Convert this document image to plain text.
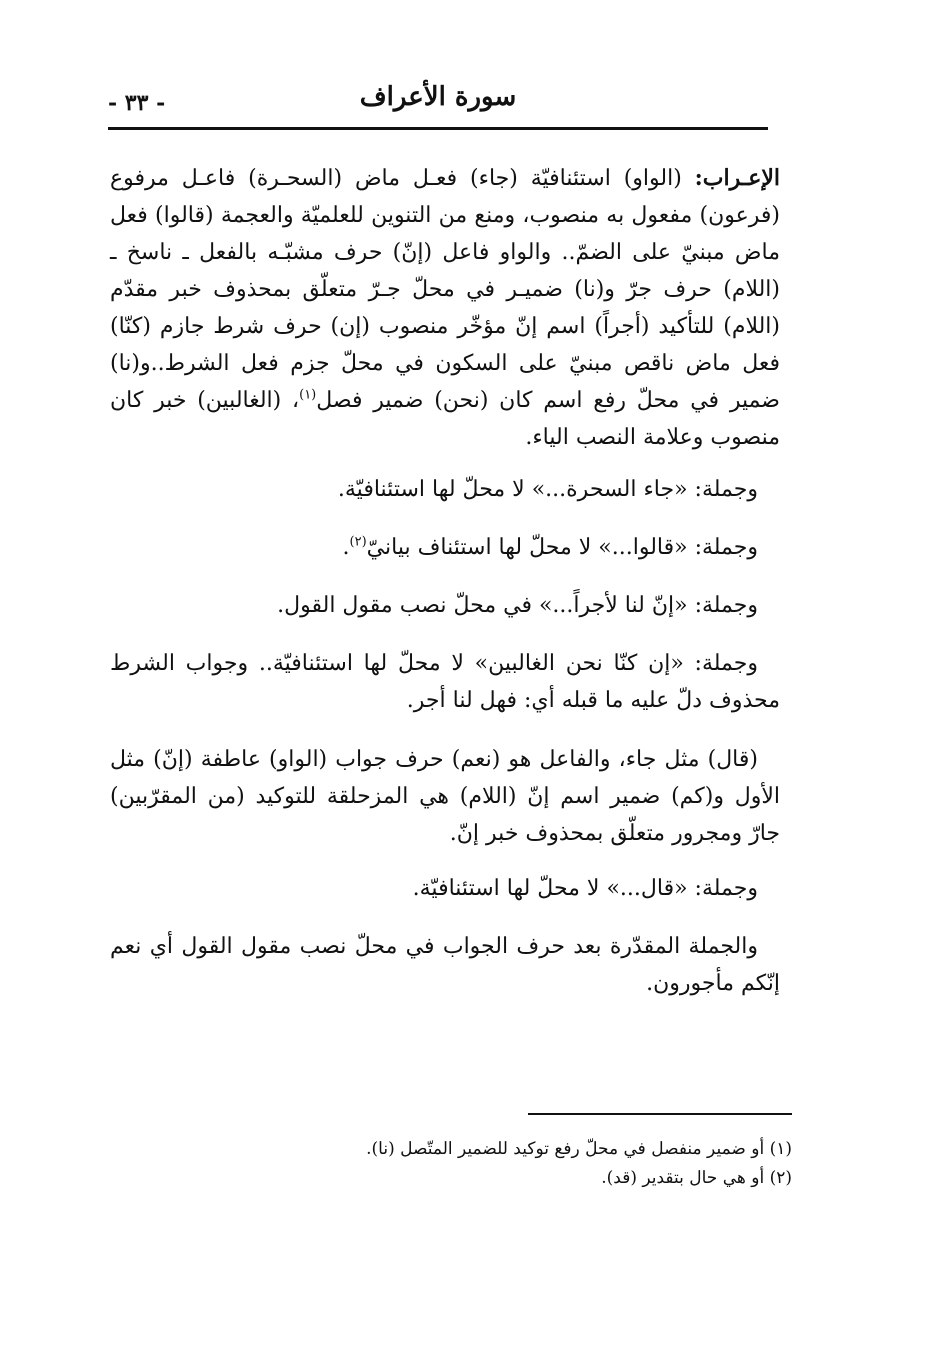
سورة الأعراف
- ٣٣ -

الإعـراب: (الواو) استئنافيّة (جاء) فعـل ماض (السحـرة) فاعـل مرفوع (فرعون) مفعول به منصوب، ومنع من التنوين للعلميّة والعجمة (قالوا) فعل ماض مبنيّ على الضمّ.. والواو فاعل (إنّ) حرف مشبّـه بالفعل ـ ناسخ ـ (اللام) حرف جرّ و(نا) ضميـر في محلّ جـرّ متعلّق بمحذوف خبر مقدّم (اللام) للتأكيد (أجراً) اسم إنّ مؤخّر منصوب (إن) حرف شرط جازم (كنّا) فعل ماض ناقص مبنيّ على السكون في محلّ جزم فعل الشرط..و(نا) ضمير في محلّ رفع اسم كان (نحن) ضمير فصل$^{(١)}$، (الغالبين) خبر كان منصوب وعلامة النصب الياء.

وجملة: «جاء السحرة...» لا محلّ لها استئنافيّة.

وجملة: «قالوا...» لا محلّ لها استئناف بيانيّ$^{(٢)}$.

وجملة: «إنّ لنا لأجراً...» في محلّ نصب مقول القول.

وجملة: «إن كنّا نحن الغالبين» لا محلّ لها استئنافيّة.. وجواب الشرط محذوف دلّ عليه ما قبله أي: فهل لنا أجر.

(قال) مثل جاء، والفاعل هو (نعم) حرف جواب (الواو) عاطفة (إنّ) مثل الأول و(كم) ضمير اسم إنّ (اللام) هي المزحلقة للتوكيد (من المقرّبين) جارّ ومجرور متعلّق بمحذوف خبر إنّ.

وجملة: «قال...» لا محلّ لها استئنافيّة.

والجملة المقدّرة بعد حرف الجواب في محلّ نصب مقول القول أي نعم إنّكم مأجورون.

(١) أو ضمير منفصل في محلّ رفع توكيد للضمير المتّصل (نا).

(٢) أو هي حال بتقدير (قد).
